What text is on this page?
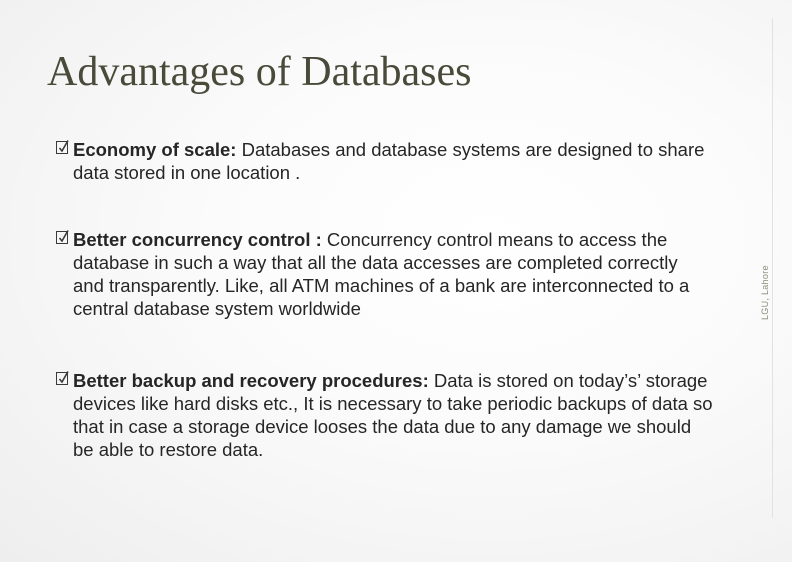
Advantages of Databases
LGU, Lahore
Economy of scale: Databases and database systems are designed to share data stored in one location .
Better concurrency control : Concurrency control means to access the database in such a way that all the data accesses are completed correctly and transparently. Like, all ATM machines of a bank are interconnected to a central database system worldwide
Better backup and recovery procedures: Data is stored on today’s’ storage devices like hard disks etc., It is necessary to take periodic backups of data so that in case a storage device looses the data due to any damage we should be able to restore data.
